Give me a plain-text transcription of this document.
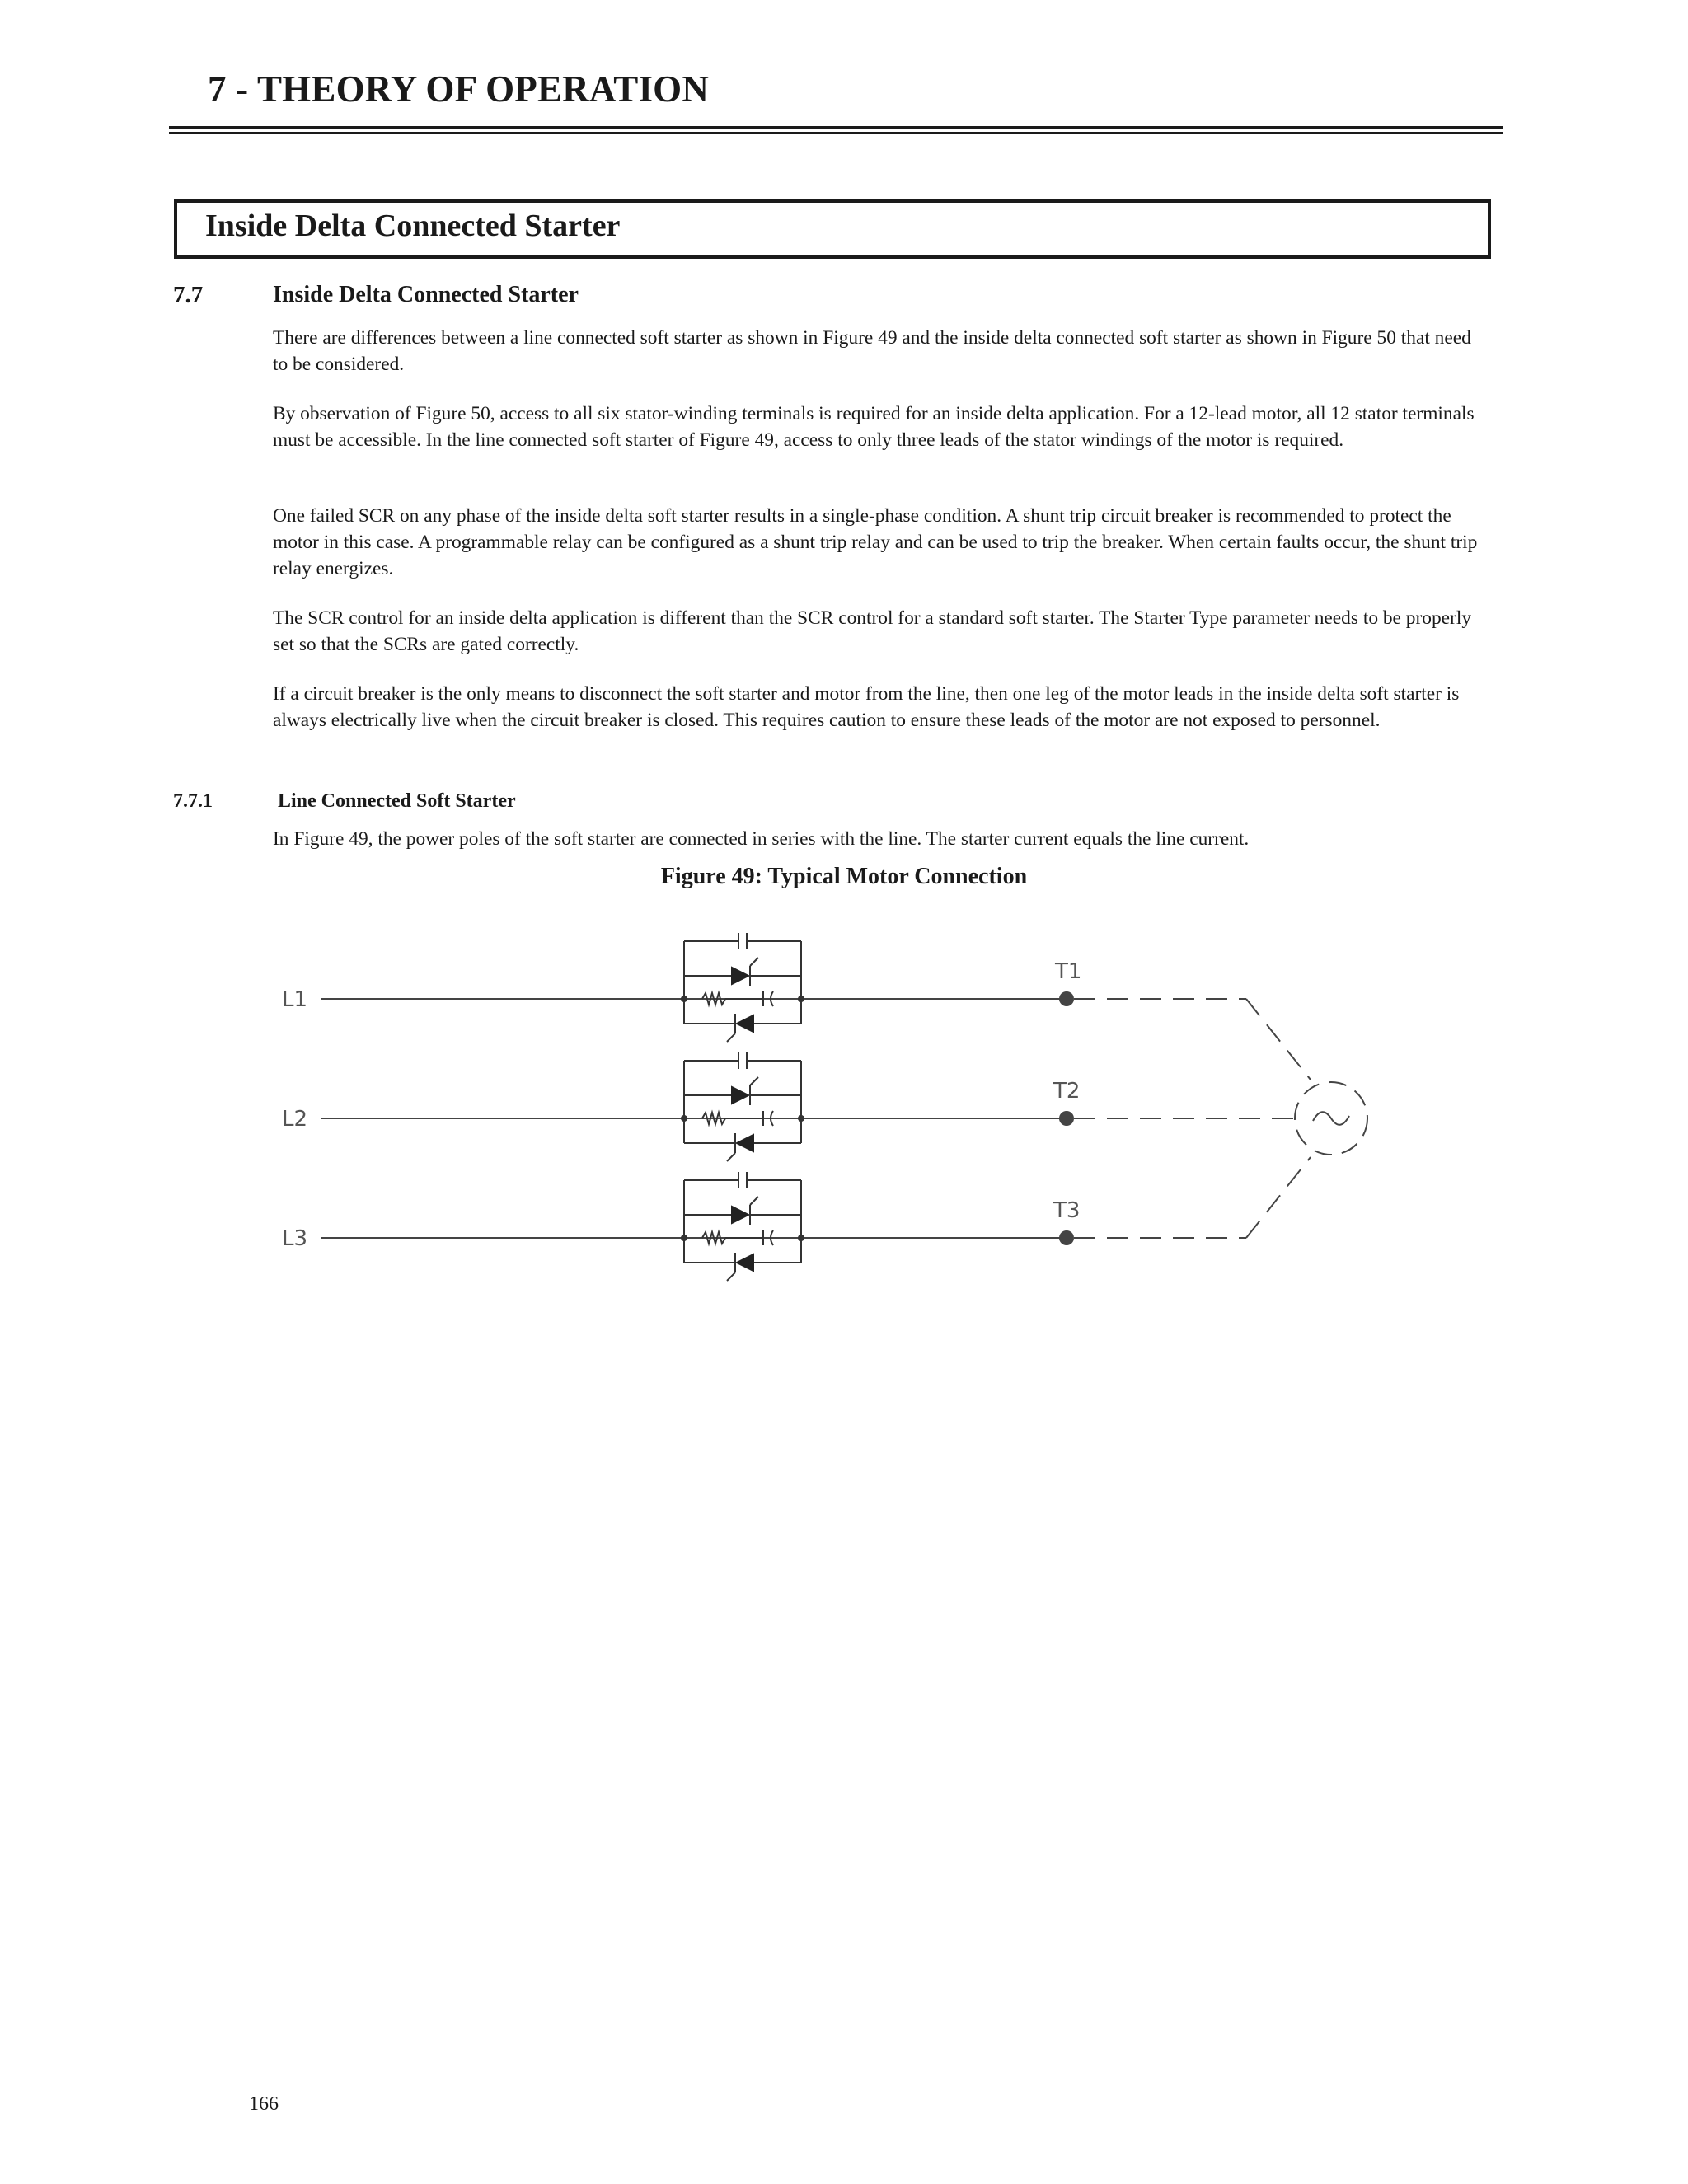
7 - THEORY OF OPERATION
Inside Delta Connected Starter
7.7	Inside Delta Connected Starter

There are differences between a line connected soft starter as shown in Figure 49 and the inside delta connected soft starter as shown in Figure 50 that need to be considered.

By observation of Figure 50, access to all six stator-winding terminals is required for an inside delta application. For a 12-lead motor, all 12 stator terminals must be accessible. In the line connected soft starter of Figure 49, access to only three leads of the stator windings of the motor is required.

One failed SCR on any phase of the inside delta soft starter results in a single-phase condition. A shunt trip circuit breaker is recommended to protect the motor in this case. A programmable relay can be configured as a shunt trip relay and can be used to trip the breaker. When certain faults occur, the shunt trip relay energizes.

The SCR control for an inside delta application is different than the SCR control for a standard soft starter. The Starter Type parameter needs to be properly set so that the SCRs are gated correctly.

If a circuit breaker is the only means to disconnect the soft starter and motor from the line, then one leg of the motor leads in the inside delta soft starter is always electrically live when the circuit breaker is closed. This requires caution to ensure these leads of the motor are not exposed to personnel.

7.7.1	Line Connected Soft Starter

In Figure 49, the power poles of the soft starter are connected in series with the line. The starter current equals the line current.

Figure 49: Typical Motor Connection

L1
L2
L3
T1
T2
T3
166
